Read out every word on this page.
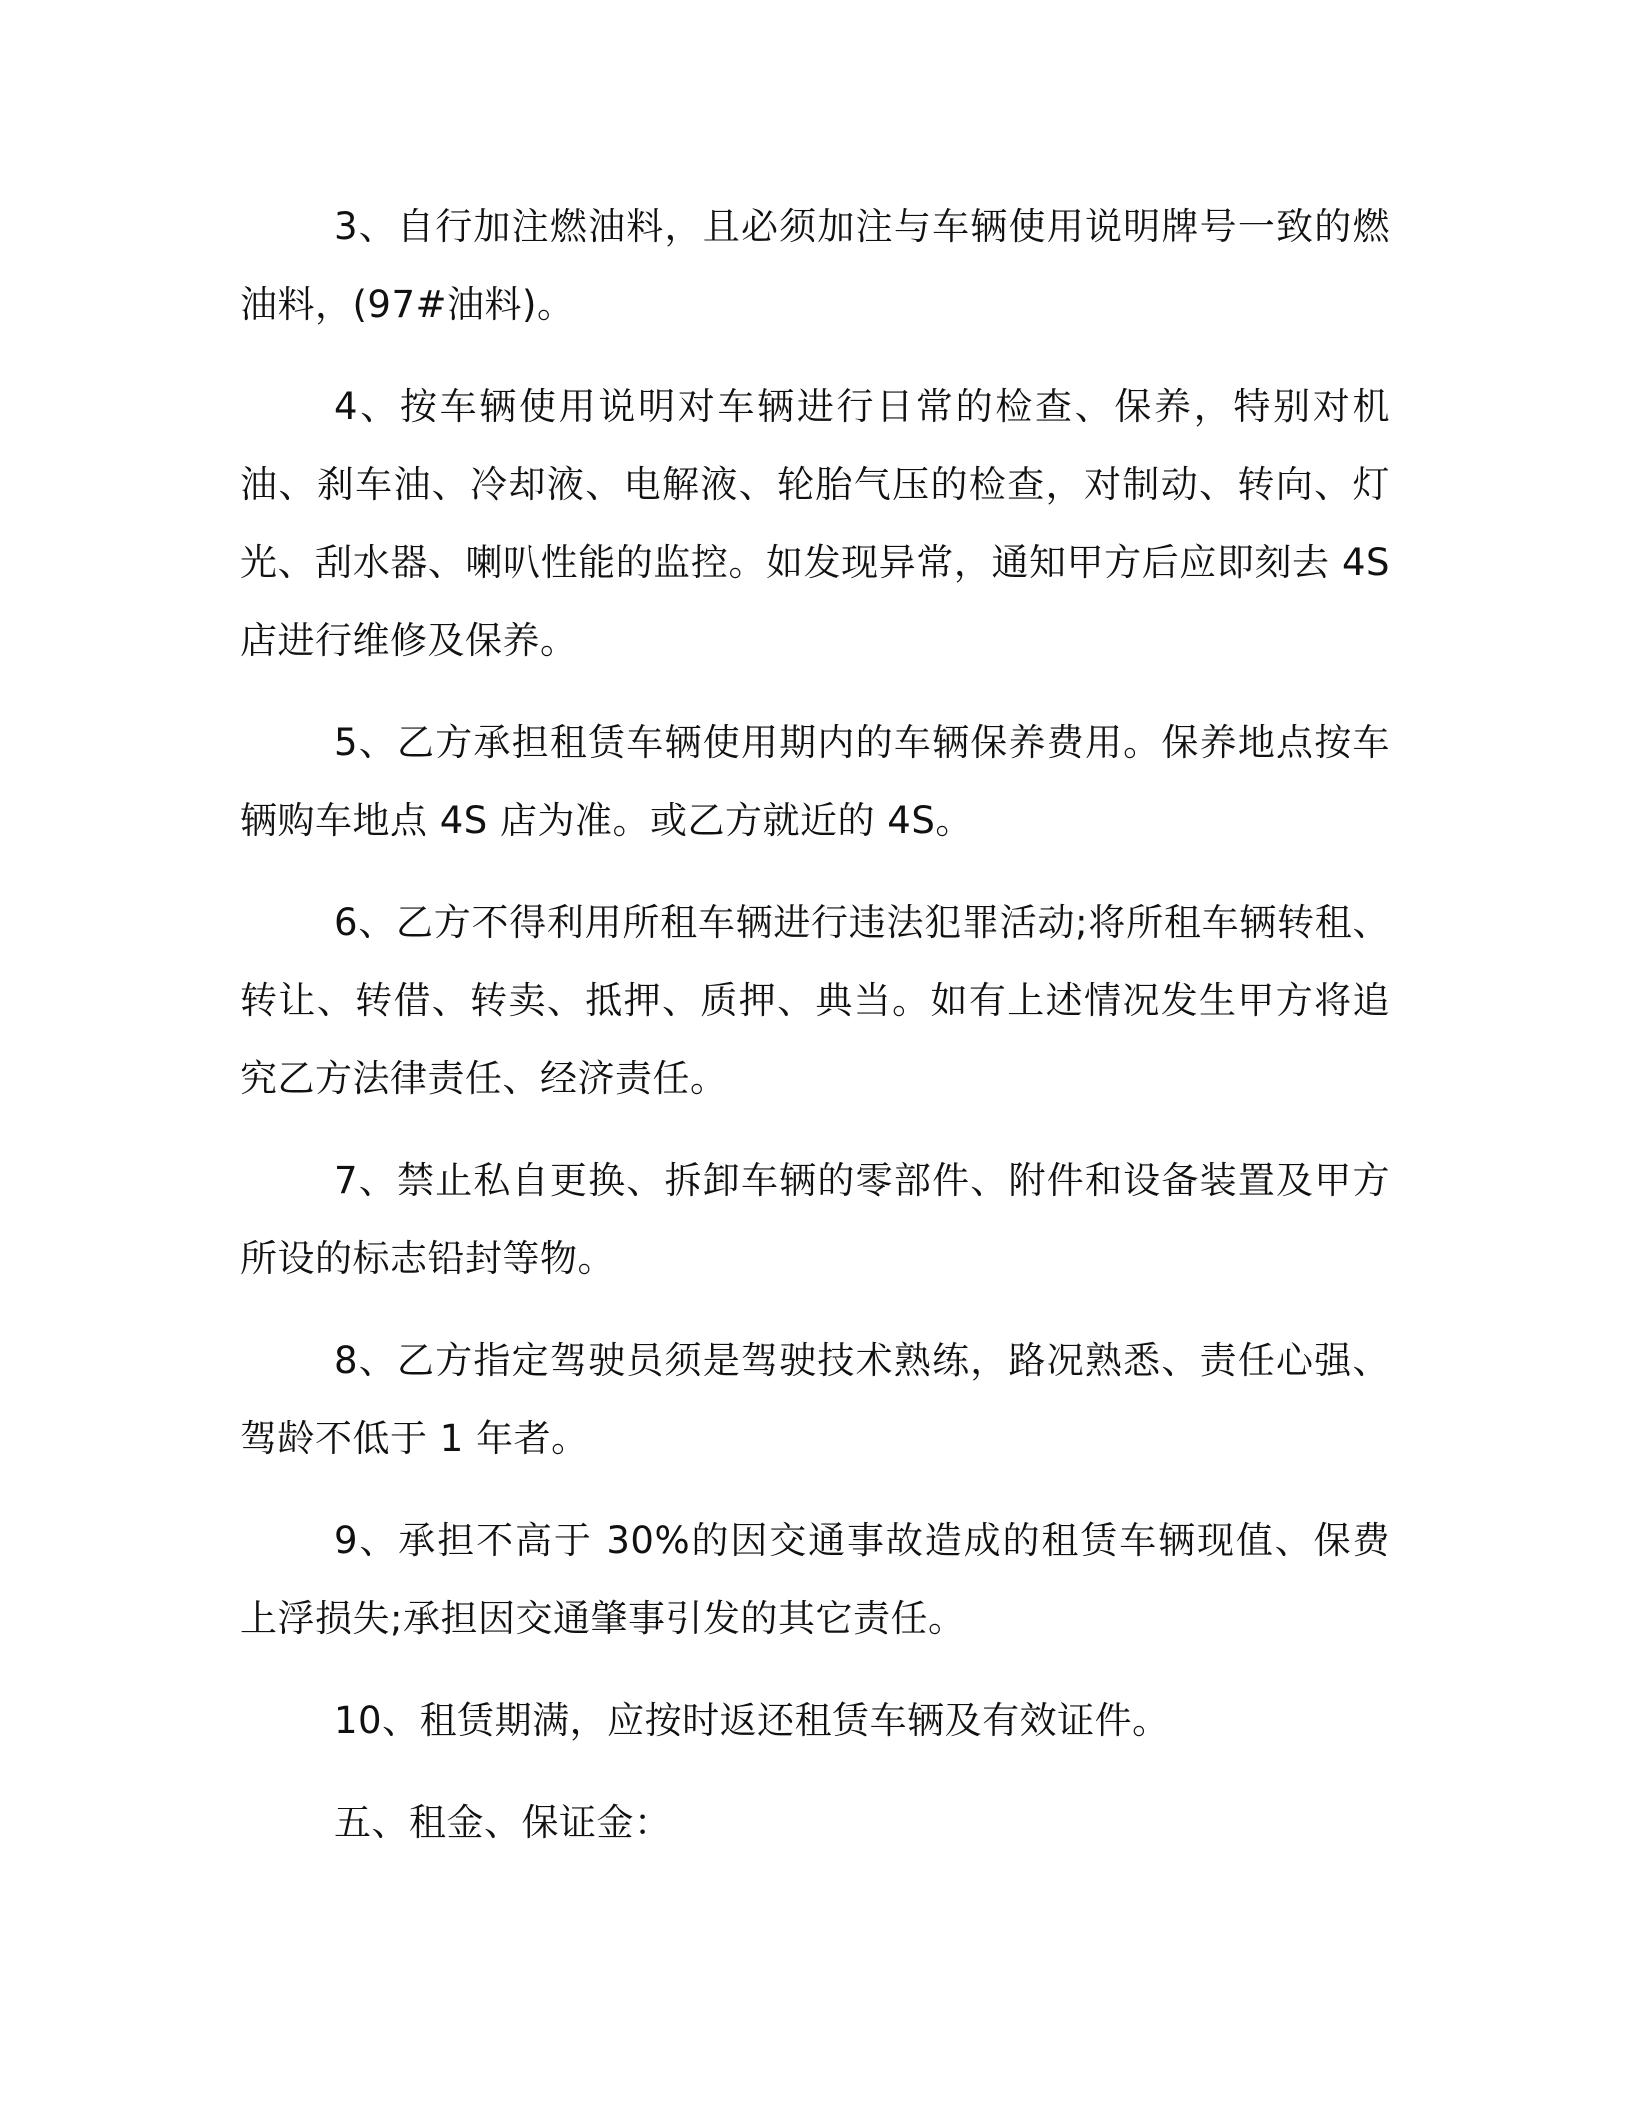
3、自行加注燃油料，且必须加注与车辆使用说明牌号一致的燃油料，(97#油料)。

4、按车辆使用说明对车辆进行日常的检查、保养，特别对机油、刹车油、冷却液、电解液、轮胎气压的检查，对制动、转向、灯光、刮水器、喇叭性能的监控。如发现异常，通知甲方后应即刻去 4S 店进行维修及保养。

5、乙方承担租赁车辆使用期内的车辆保养费用。保养地点按车辆购车地点 4S 店为准。或乙方就近的 4S。

6、乙方不得利用所租车辆进行违法犯罪活动;将所租车辆转租、转让、转借、转卖、抵押、质押、典当。如有上述情况发生甲方将追究乙方法律责任、经济责任。

7、禁止私自更换、拆卸车辆的零部件、附件和设备装置及甲方所设的标志铅封等物。

8、乙方指定驾驶员须是驾驶技术熟练，路况熟悉、责任心强、驾龄不低于 1 年者。

9、承担不高于 30%的因交通事故造成的租赁车辆现值、保费上浮损失;承担因交通肇事引发的其它责任。

10、租赁期满，应按时返还租赁车辆及有效证件。

五、租金、保证金：
